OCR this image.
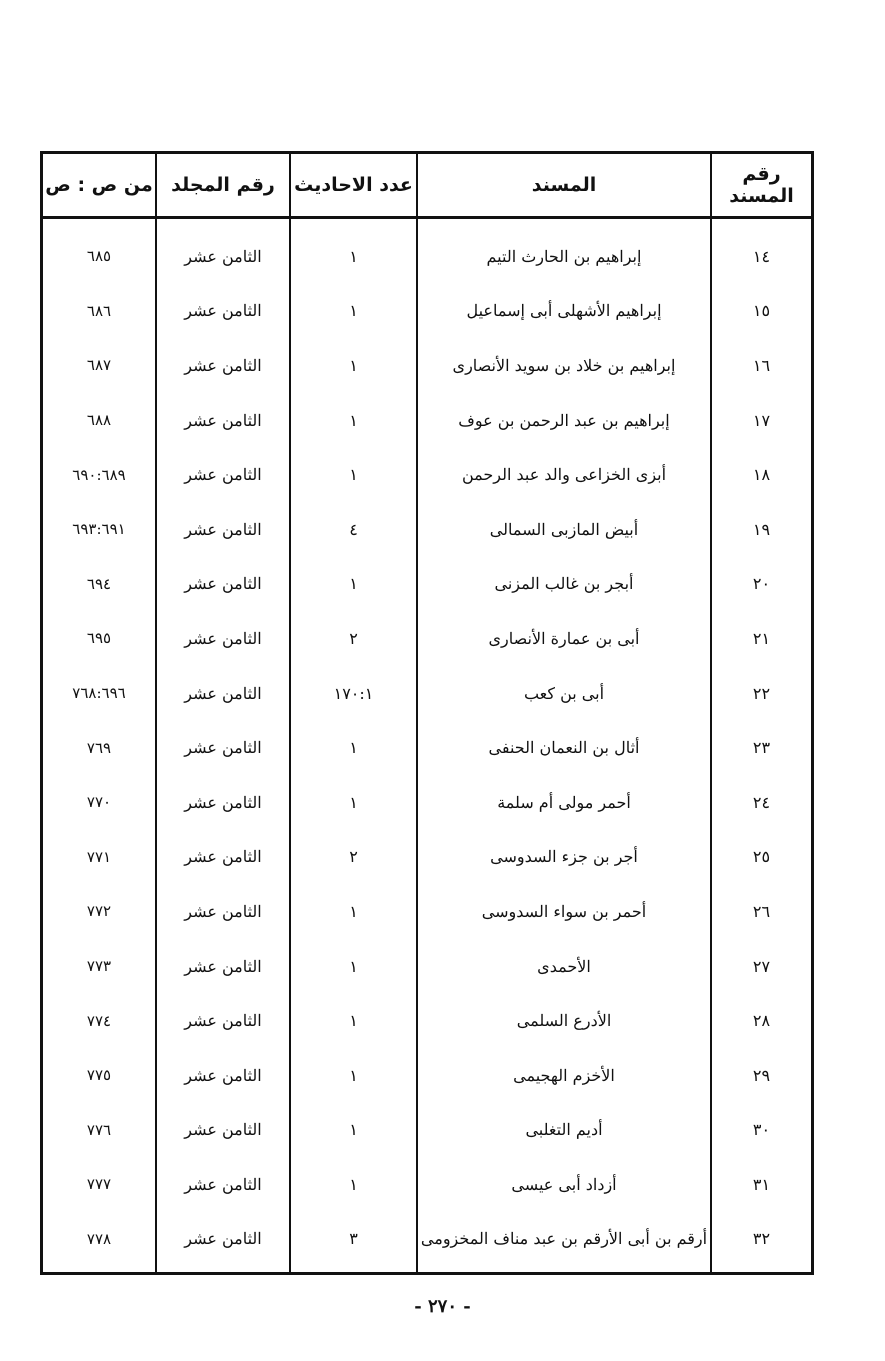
رقم المسند	المسند	عدد الاحاديث	رقم المجلد	من ص : ص
١٤	إبراهيم بن الحارث التيم	١	الثامن عشر	٦٨٥
١٥	إبراهيم الأشهلى أبى إسماعيل	١	الثامن عشر	٦٨٦
١٦	إبراهيم بن خلاد بن سويد الأنصارى	١	الثامن عشر	٦٨٧
١٧	إبراهيم بن عبد الرحمن بن عوف	١	الثامن عشر	٦٨٨
١٨	أبزى الخزاعى والد عبد الرحمن	١	الثامن عشر	٦٩٠:٦٨٩
١٩	أبيض المازبى السمالى	٤	الثامن عشر	٦٩٣:٦٩١
٢٠	أبجر بن غالب المزنى	١	الثامن عشر	٦٩٤
٢١	أبى بن عمارة الأنصارى	٢	الثامن عشر	٦٩٥
٢٢	أبى بن كعب	١٧٠:١	الثامن عشر	٧٦٨:٦٩٦
٢٣	أثال بن النعمان الحنفى	١	الثامن عشر	٧٦٩
٢٤	أحمر مولى أم سلمة	١	الثامن عشر	٧٧٠
٢٥	أجر بن جزء السدوسى	٢	الثامن عشر	٧٧١
٢٦	أحمر بن سواء السدوسى	١	الثامن عشر	٧٧٢
٢٧	الأحمدى	١	الثامن عشر	٧٧٣
٢٨	الأدرع السلمى	١	الثامن عشر	٧٧٤
٢٩	الأخزم الهجيمى	١	الثامن عشر	٧٧٥
٣٠	أديم التغلبى	١	الثامن عشر	٧٧٦
٣١	أزداد أبى عيسى	١	الثامن عشر	٧٧٧
٣٢	أرقم بن أبى الأرقم بن عبد مناف المخزومى	٣	الثامن عشر	٧٧٨
- ٢٧٠ -
